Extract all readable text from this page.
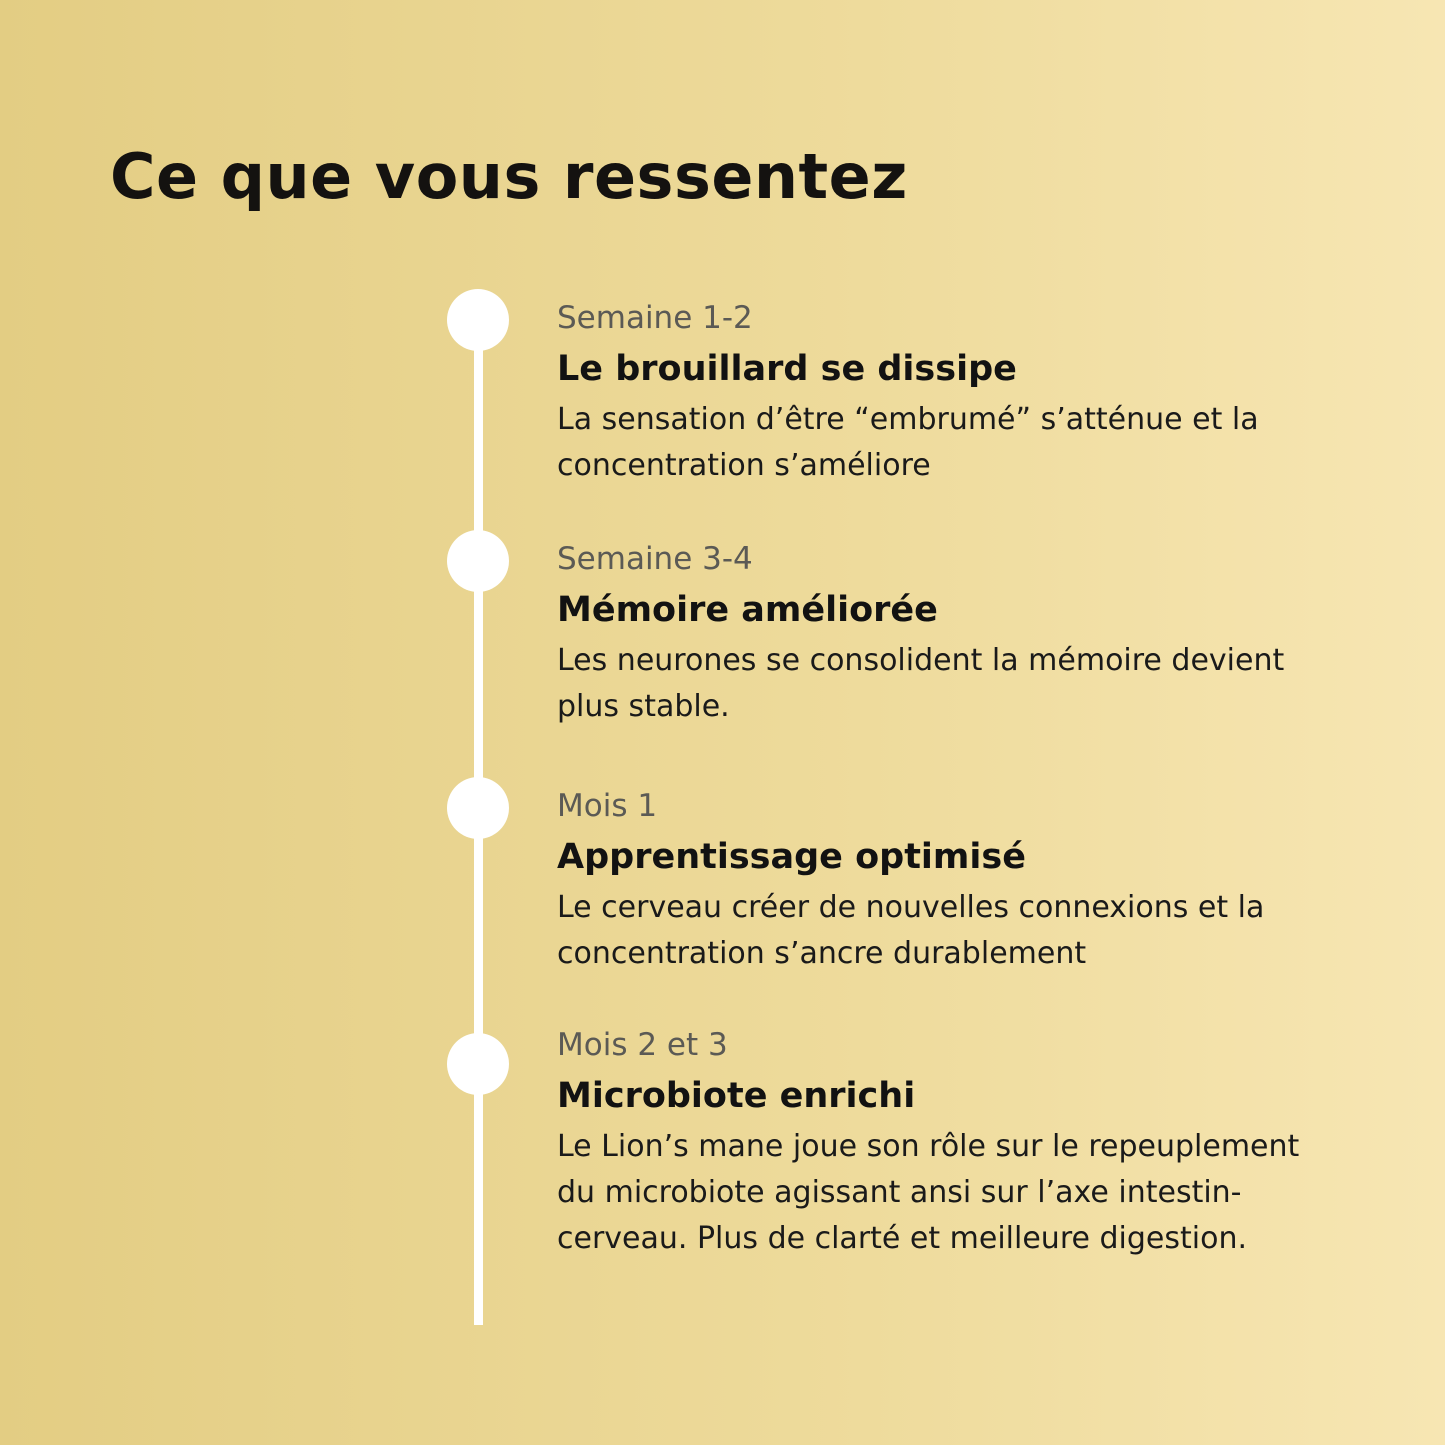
Ce que vous ressentez
Semaine 1-2
Le brouillard se dissipe
La sensation d’être “embrumé” s’atténue et la concentration s’améliore
Semaine 3-4
Mémoire améliorée
Les neurones se consolident la mémoire devient plus stable.
Mois 1
Apprentissage optimisé
Le cerveau créer de nouvelles connexions et la concentration s’ancre durablement
Mois 2 et 3
Microbiote enrichi
Le Lion’s mane joue son rôle sur le repeuplement du microbiote agissant ansi sur l’axe intestin-cerveau. Plus de clarté et meilleure digestion.
